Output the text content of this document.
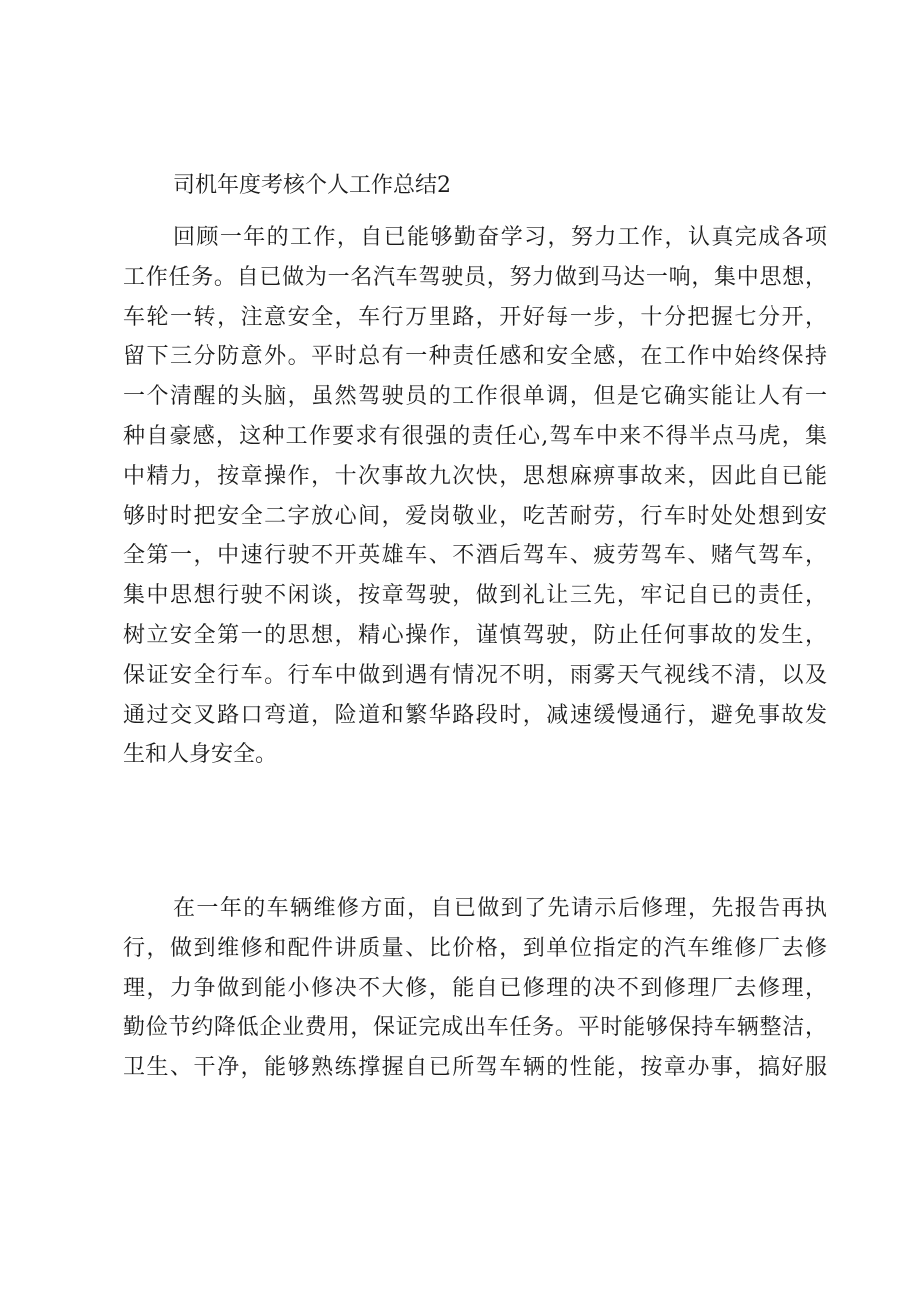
司机年度考核个人工作总结2
回顾一年的工作，自已能够勤奋学习，努力工作，认真完成各项
工作任务。自已做为一名汽车驾驶员，努力做到马达一响，集中思想，
车轮一转，注意安全，车行万里路，开好每一步，十分把握七分开，
留下三分防意外。平时总有一种责任感和安全感，在工作中始终保持
一个清醒的头脑，虽然驾驶员的工作很单调，但是它确实能让人有一
种自豪感，这种工作要求有很强的责任心,驾车中来不得半点马虎，集
中精力，按章操作，十次事故九次快，思想麻痹事故来，因此自已能
够时时把安全二字放心间，爱岗敬业，吃苦耐劳，行车时处处想到安
全第一，中速行驶不开英雄车、不酒后驾车、疲劳驾车、赌气驾车，
集中思想行驶不闲谈，按章驾驶，做到礼让三先，牢记自已的责任，
树立安全第一的思想，精心操作，谨慎驾驶，防止任何事故的发生，
保证安全行车。行车中做到遇有情况不明，雨雾天气视线不清，以及
通过交叉路口弯道，险道和繁华路段时，减速缓慢通行，避免事故发
生和人身安全。
在一年的车辆维修方面，自已做到了先请示后修理，先报告再执
行，做到维修和配件讲质量、比价格，到单位指定的汽车维修厂去修
理，力争做到能小修决不大修，能自已修理的决不到修理厂去修理，
勤俭节约降低企业费用，保证完成出车任务。平时能够保持车辆整洁，
卫生、干净，能够熟练撑握自已所驾车辆的性能，按章办事，搞好服
